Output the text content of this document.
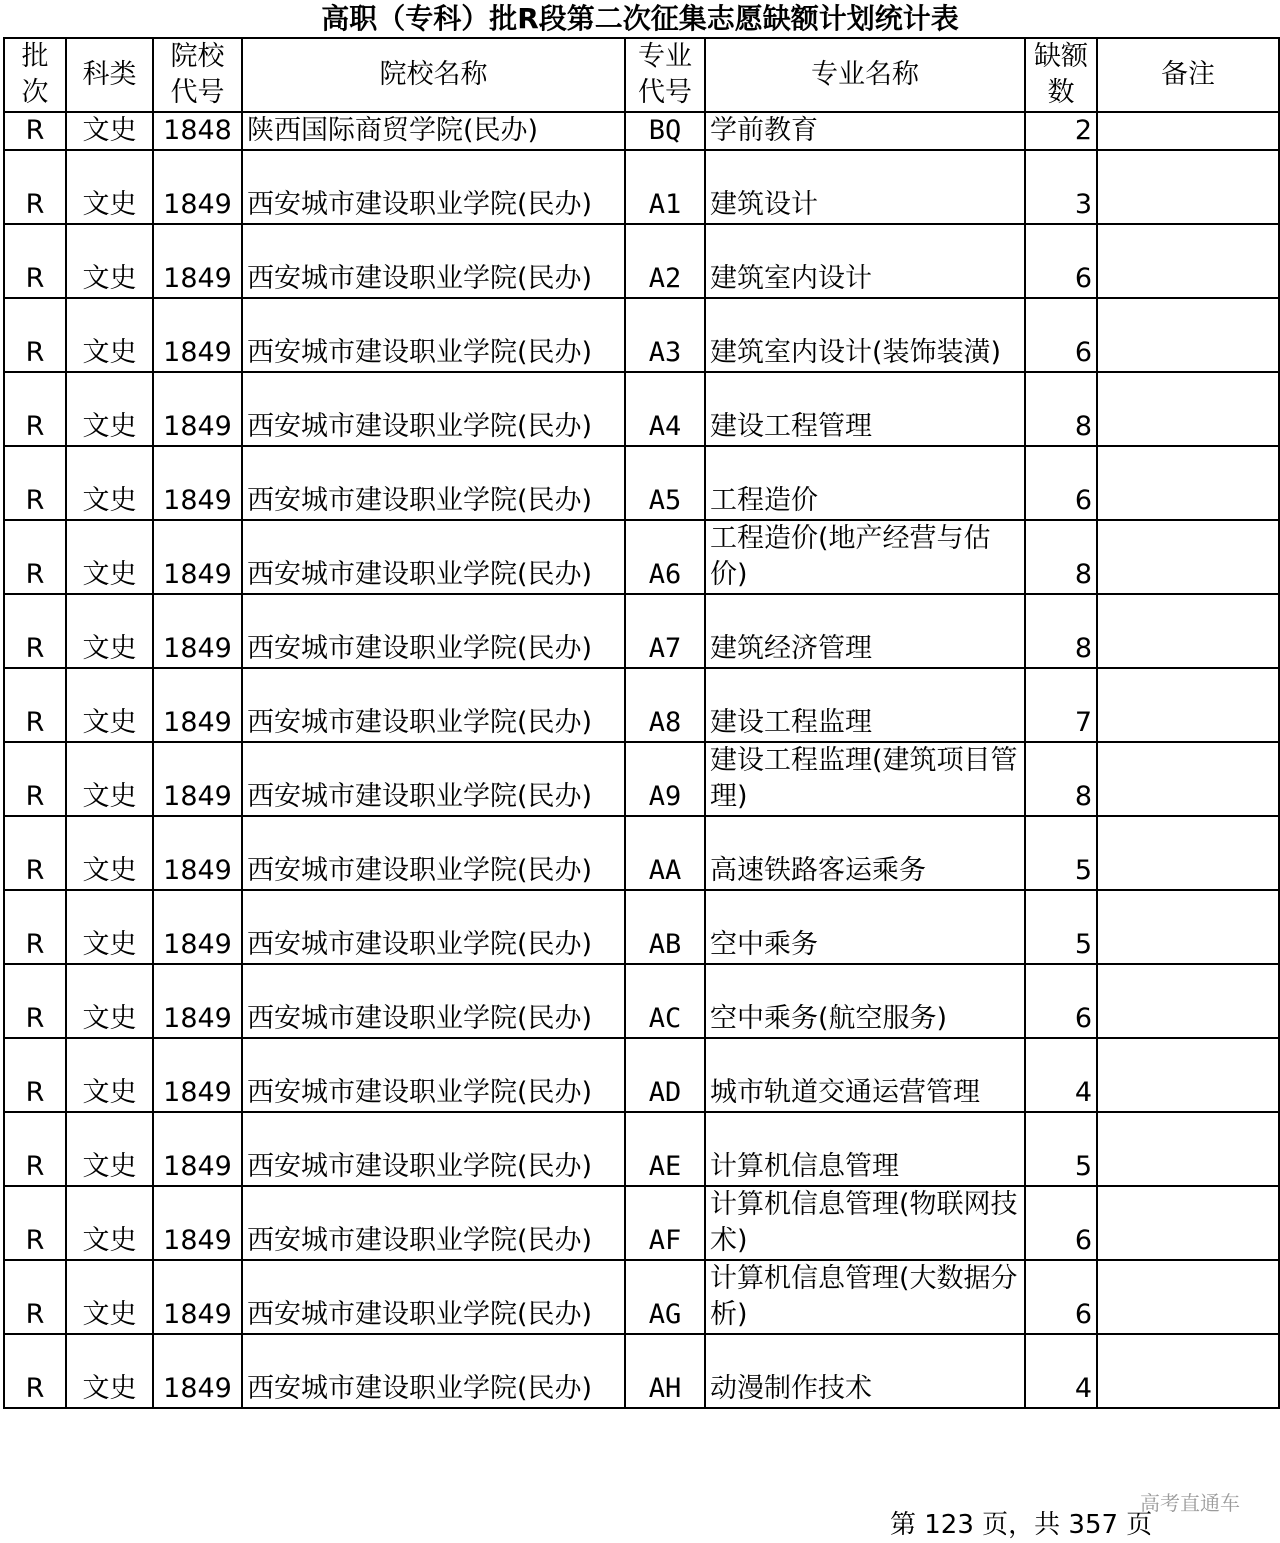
高职（专科）批R段第二次征集志愿缺额计划统计表
批次	科类	院校代号	院校名称	专业代号	专业名称	缺额数	备注
R	文史	1848	陕西国际商贸学院(民办)	BQ	学前教育	2	
R	文史	1849	西安城市建设职业学院(民办)	A1	建筑设计	3	
R	文史	1849	西安城市建设职业学院(民办)	A2	建筑室内设计	6	
R	文史	1849	西安城市建设职业学院(民办)	A3	建筑室内设计(装饰装潢)	6	
R	文史	1849	西安城市建设职业学院(民办)	A4	建设工程管理	8	
R	文史	1849	西安城市建设职业学院(民办)	A5	工程造价	6	
R	文史	1849	西安城市建设职业学院(民办)	A6	工程造价(地产经营与估价)	8	
R	文史	1849	西安城市建设职业学院(民办)	A7	建筑经济管理	8	
R	文史	1849	西安城市建设职业学院(民办)	A8	建设工程监理	7	
R	文史	1849	西安城市建设职业学院(民办)	A9	建设工程监理(建筑项目管理)	8	
R	文史	1849	西安城市建设职业学院(民办)	AA	高速铁路客运乘务	5	
R	文史	1849	西安城市建设职业学院(民办)	AB	空中乘务	5	
R	文史	1849	西安城市建设职业学院(民办)	AC	空中乘务(航空服务)	6	
R	文史	1849	西安城市建设职业学院(民办)	AD	城市轨道交通运营管理	4	
R	文史	1849	西安城市建设职业学院(民办)	AE	计算机信息管理	5	
R	文史	1849	西安城市建设职业学院(民办)	AF	计算机信息管理(物联网技术)	6	
R	文史	1849	西安城市建设职业学院(民办)	AG	计算机信息管理(大数据分析)	6	
R	文史	1849	西安城市建设职业学院(民办)	AH	动漫制作技术	4	
高考直通车
第 123 页，共 357 页
